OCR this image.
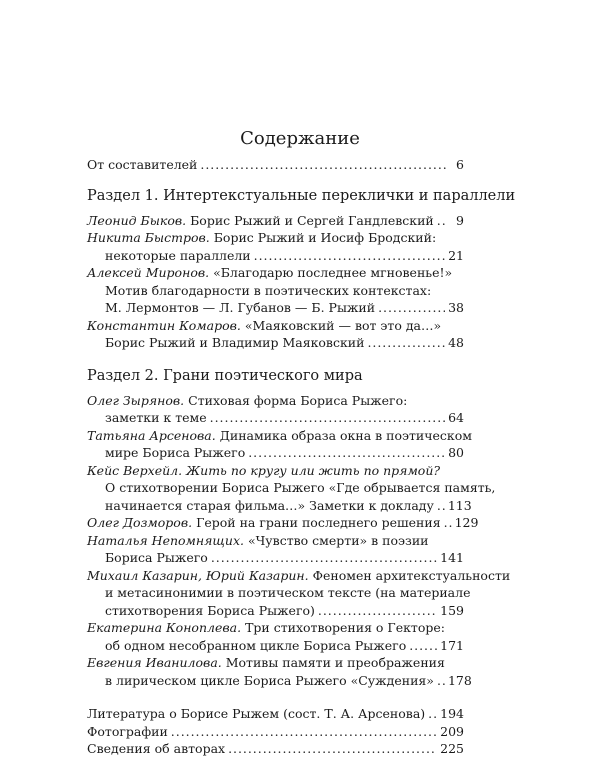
Содержание
От составителей . . .	6
Раздел 1. Интертекстуальные переклички и параллели
Леонид Быков. Борис Рыжий и Сергей Гандлевский . . .	9
Никита Быстров. Борис Рыжий и Иосиф Бродский:
некоторые параллели . . .	21
Алексей Миронов. «Благодарю последнее мгновенье!»
Мотив благодарности в поэтических контекстах:
М. Лермонтов — Л. Губанов — Б. Рыжий . . .	38
Константин Комаров. «Маяковский — вот это да…»
Борис Рыжий и Владимир Маяковский . . .	48
Раздел 2. Грани поэтического мира
Олег Зырянов. Стиховая форма Бориса Рыжего:
заметки к теме . . .	64
Татьяна Арсенова. Динамика образа окна в поэтическом
мире Бориса Рыжего . . .	80
Кейс Верхейл. Жить по кругу или жить по прямой?
О стихотворении Бориса Рыжего «Где обрывается память,
начинается старая фильма…» Заметки к докладу . . . 113
Олег Дозморов. Герой на грани последнего решения . . . 129
Наталья Непомнящих. «Чувство смерти» в поэзии
Бориса Рыжего . . .	141
Михаил Казарин, Юрий Казарин. Феномен архитекстуальности
и метасинонимии в поэтическом тексте (на материале
стихотворения Бориса Рыжего) . . .	159
Екатерина Коноплева. Три стихотворения о Гекторе:
об одном несобранном цикле Бориса Рыжего . . .	171
Евгения Иванилова. Мотивы памяти и преображения
в лирическом цикле Бориса Рыжего «Суждения» . . . 178
Литература о Борисе Рыжем (сост. Т. А. Арсенова) . . . 194
Фотографии . . .	209
Сведения об авторах . . .	225
